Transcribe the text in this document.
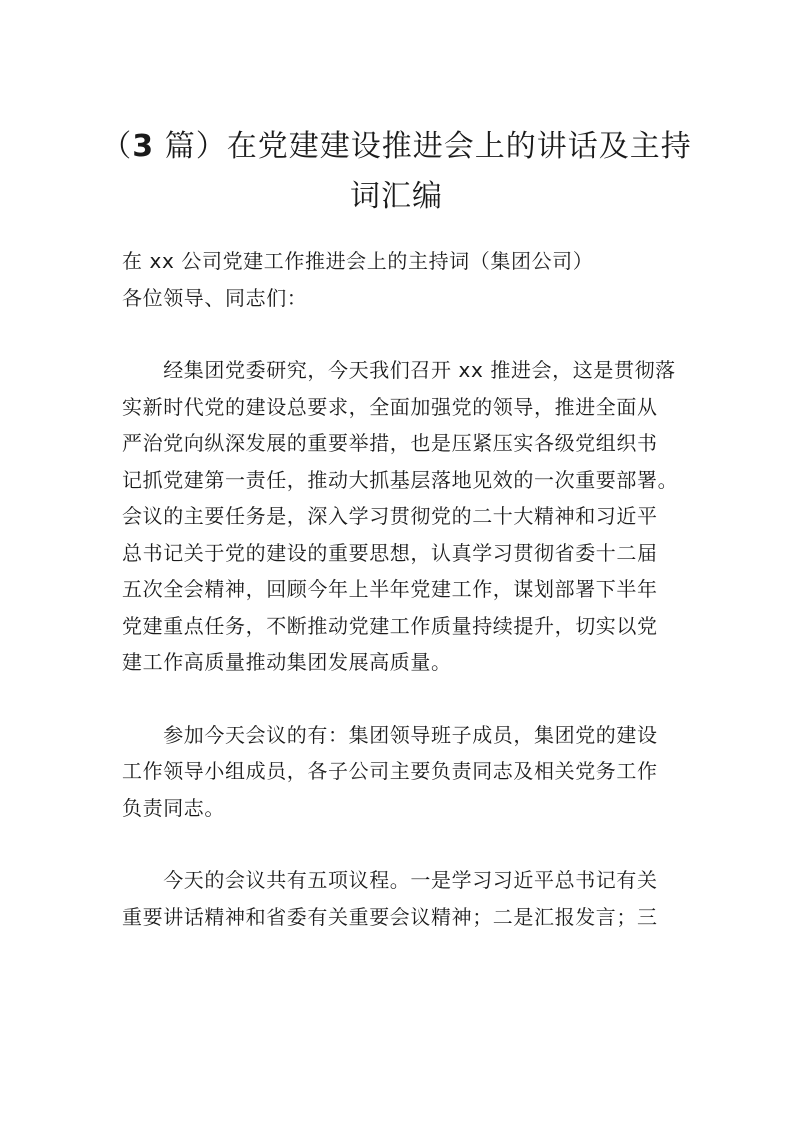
（3 篇）在党建建设推进会上的讲话及主持
词汇编
在 xx 公司党建工作推进会上的主持词（集团公司）
各位领导、同志们：
　　经集团党委研究，今天我们召开 xx 推进会，这是贯彻落
实新时代党的建设总要求，全面加强党的领导，推进全面从
严治党向纵深发展的重要举措，也是压紧压实各级党组织书
记抓党建第一责任，推动大抓基层落地见效的一次重要部署。
会议的主要任务是，深入学习贯彻党的二十大精神和习近平
总书记关于党的建设的重要思想，认真学习贯彻省委十二届
五次全会精神，回顾今年上半年党建工作，谋划部署下半年
党建重点任务，不断推动党建工作质量持续提升，切实以党
建工作高质量推动集团发展高质量。
　　参加今天会议的有：集团领导班子成员，集团党的建设
工作领导小组成员，各子公司主要负责同志及相关党务工作
负责同志。
　　今天的会议共有五项议程。一是学习习近平总书记有关
重要讲话精神和省委有关重要会议精神；二是汇报发言；三
